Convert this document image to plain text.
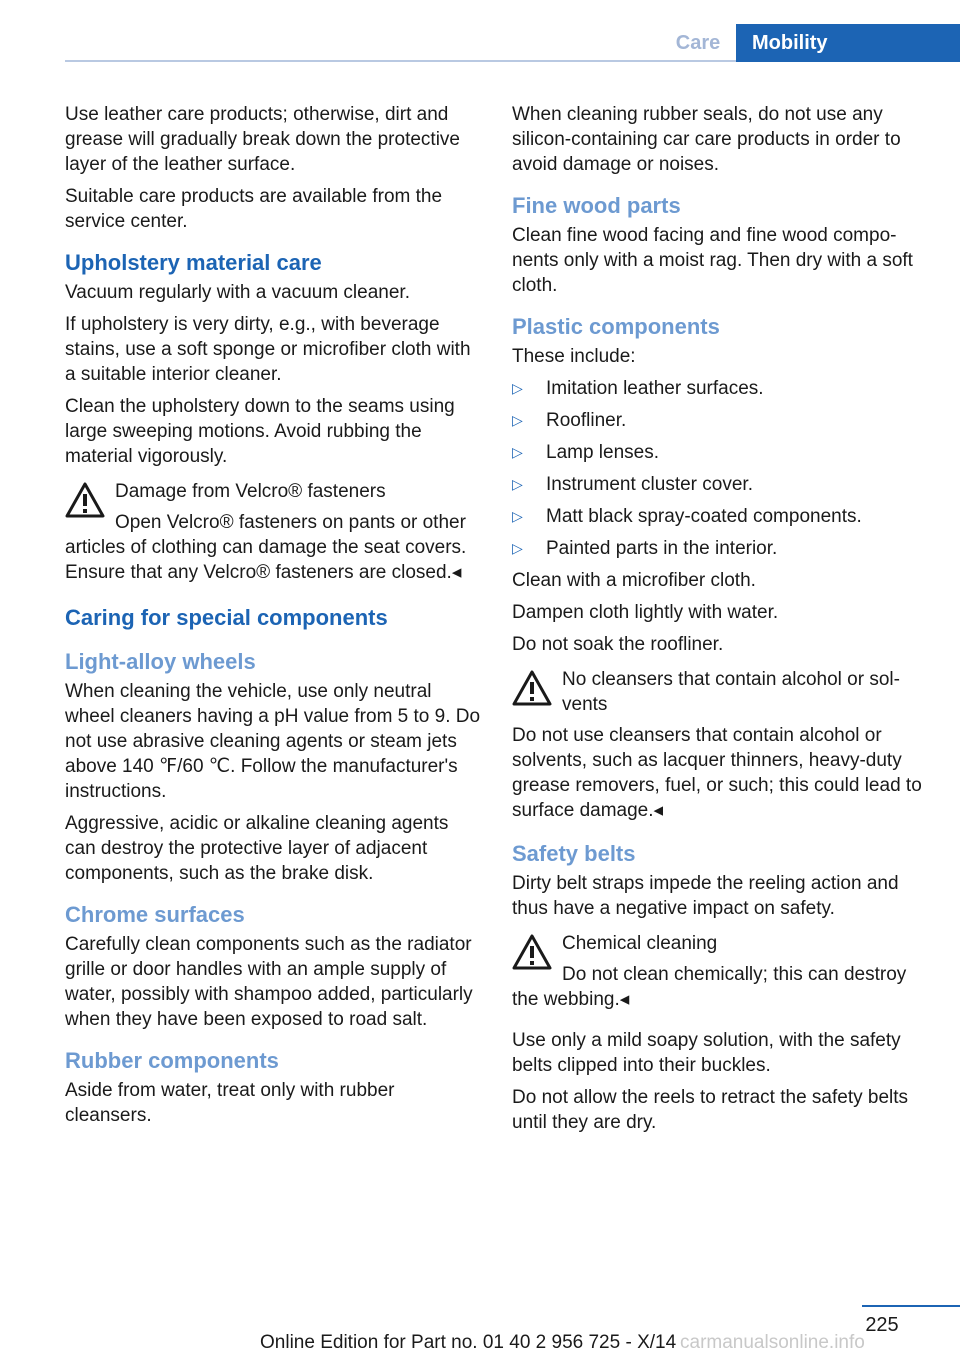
Care	Mobility

Use leather care products; otherwise, dirt and grease will gradually break down the protective layer of the leather surface.

Suitable care products are available from the service center.

Upholstery material care

Vacuum regularly with a vacuum cleaner.

If upholstery is very dirty, e.g., with beverage stains, use a soft sponge or microfiber cloth with a suitable interior cleaner.

Clean the upholstery down to the seams using large sweeping motions. Avoid rubbing the material vigorously.

Damage from Velcro® fasteners

Open Velcro® fasteners on pants or other articles of clothing can damage the seat covers. Ensure that any Velcro® fasteners are closed.◂

Caring for special components
Light-alloy wheels

When cleaning the vehicle, use only neutral wheel cleaners having a pH value from 5 to 9. Do not use abrasive cleaning agents or steam jets above 140 ℉/60 ℃. Follow the manufacturer's instructions.

Aggressive, acidic or alkaline cleaning agents can destroy the protective layer of adjacent components, such as the brake disk.

Chrome surfaces

Carefully clean components such as the radiator grille or door handles with an ample supply of water, possibly with shampoo added, particularly when they have been exposed to road salt.

Rubber components

Aside from water, treat only with rubber cleansers.

When cleaning rubber seals, do not use any silicon-containing car care products in order to avoid damage or noises.

Fine wood parts

Clean fine wood facing and fine wood components only with a moist rag. Then dry with a soft cloth.

Plastic components

These include:

▷ Imitation leather surfaces.
▷ Roofliner.
▷ Lamp lenses.
▷ Instrument cluster cover.
▷ Matt black spray-coated components.
▷ Painted parts in the interior.

Clean with a microfiber cloth.

Dampen cloth lightly with water.

Do not soak the roofliner.

No cleansers that contain alcohol or solvents

Do not use cleansers that contain alcohol or solvents, such as lacquer thinners, heavy-duty grease removers, fuel, or such; this could lead to surface damage.◂

Safety belts

Dirty belt straps impede the reeling action and thus have a negative impact on safety.

Chemical cleaning

Do not clean chemically; this can destroy the webbing.◂

Use only a mild soapy solution, with the safety belts clipped into their buckles.

Do not allow the reels to retract the safety belts until they are dry.

225
Online Edition for Part no. 01 40 2 956 725 - X/14 carmanualsonline.info
